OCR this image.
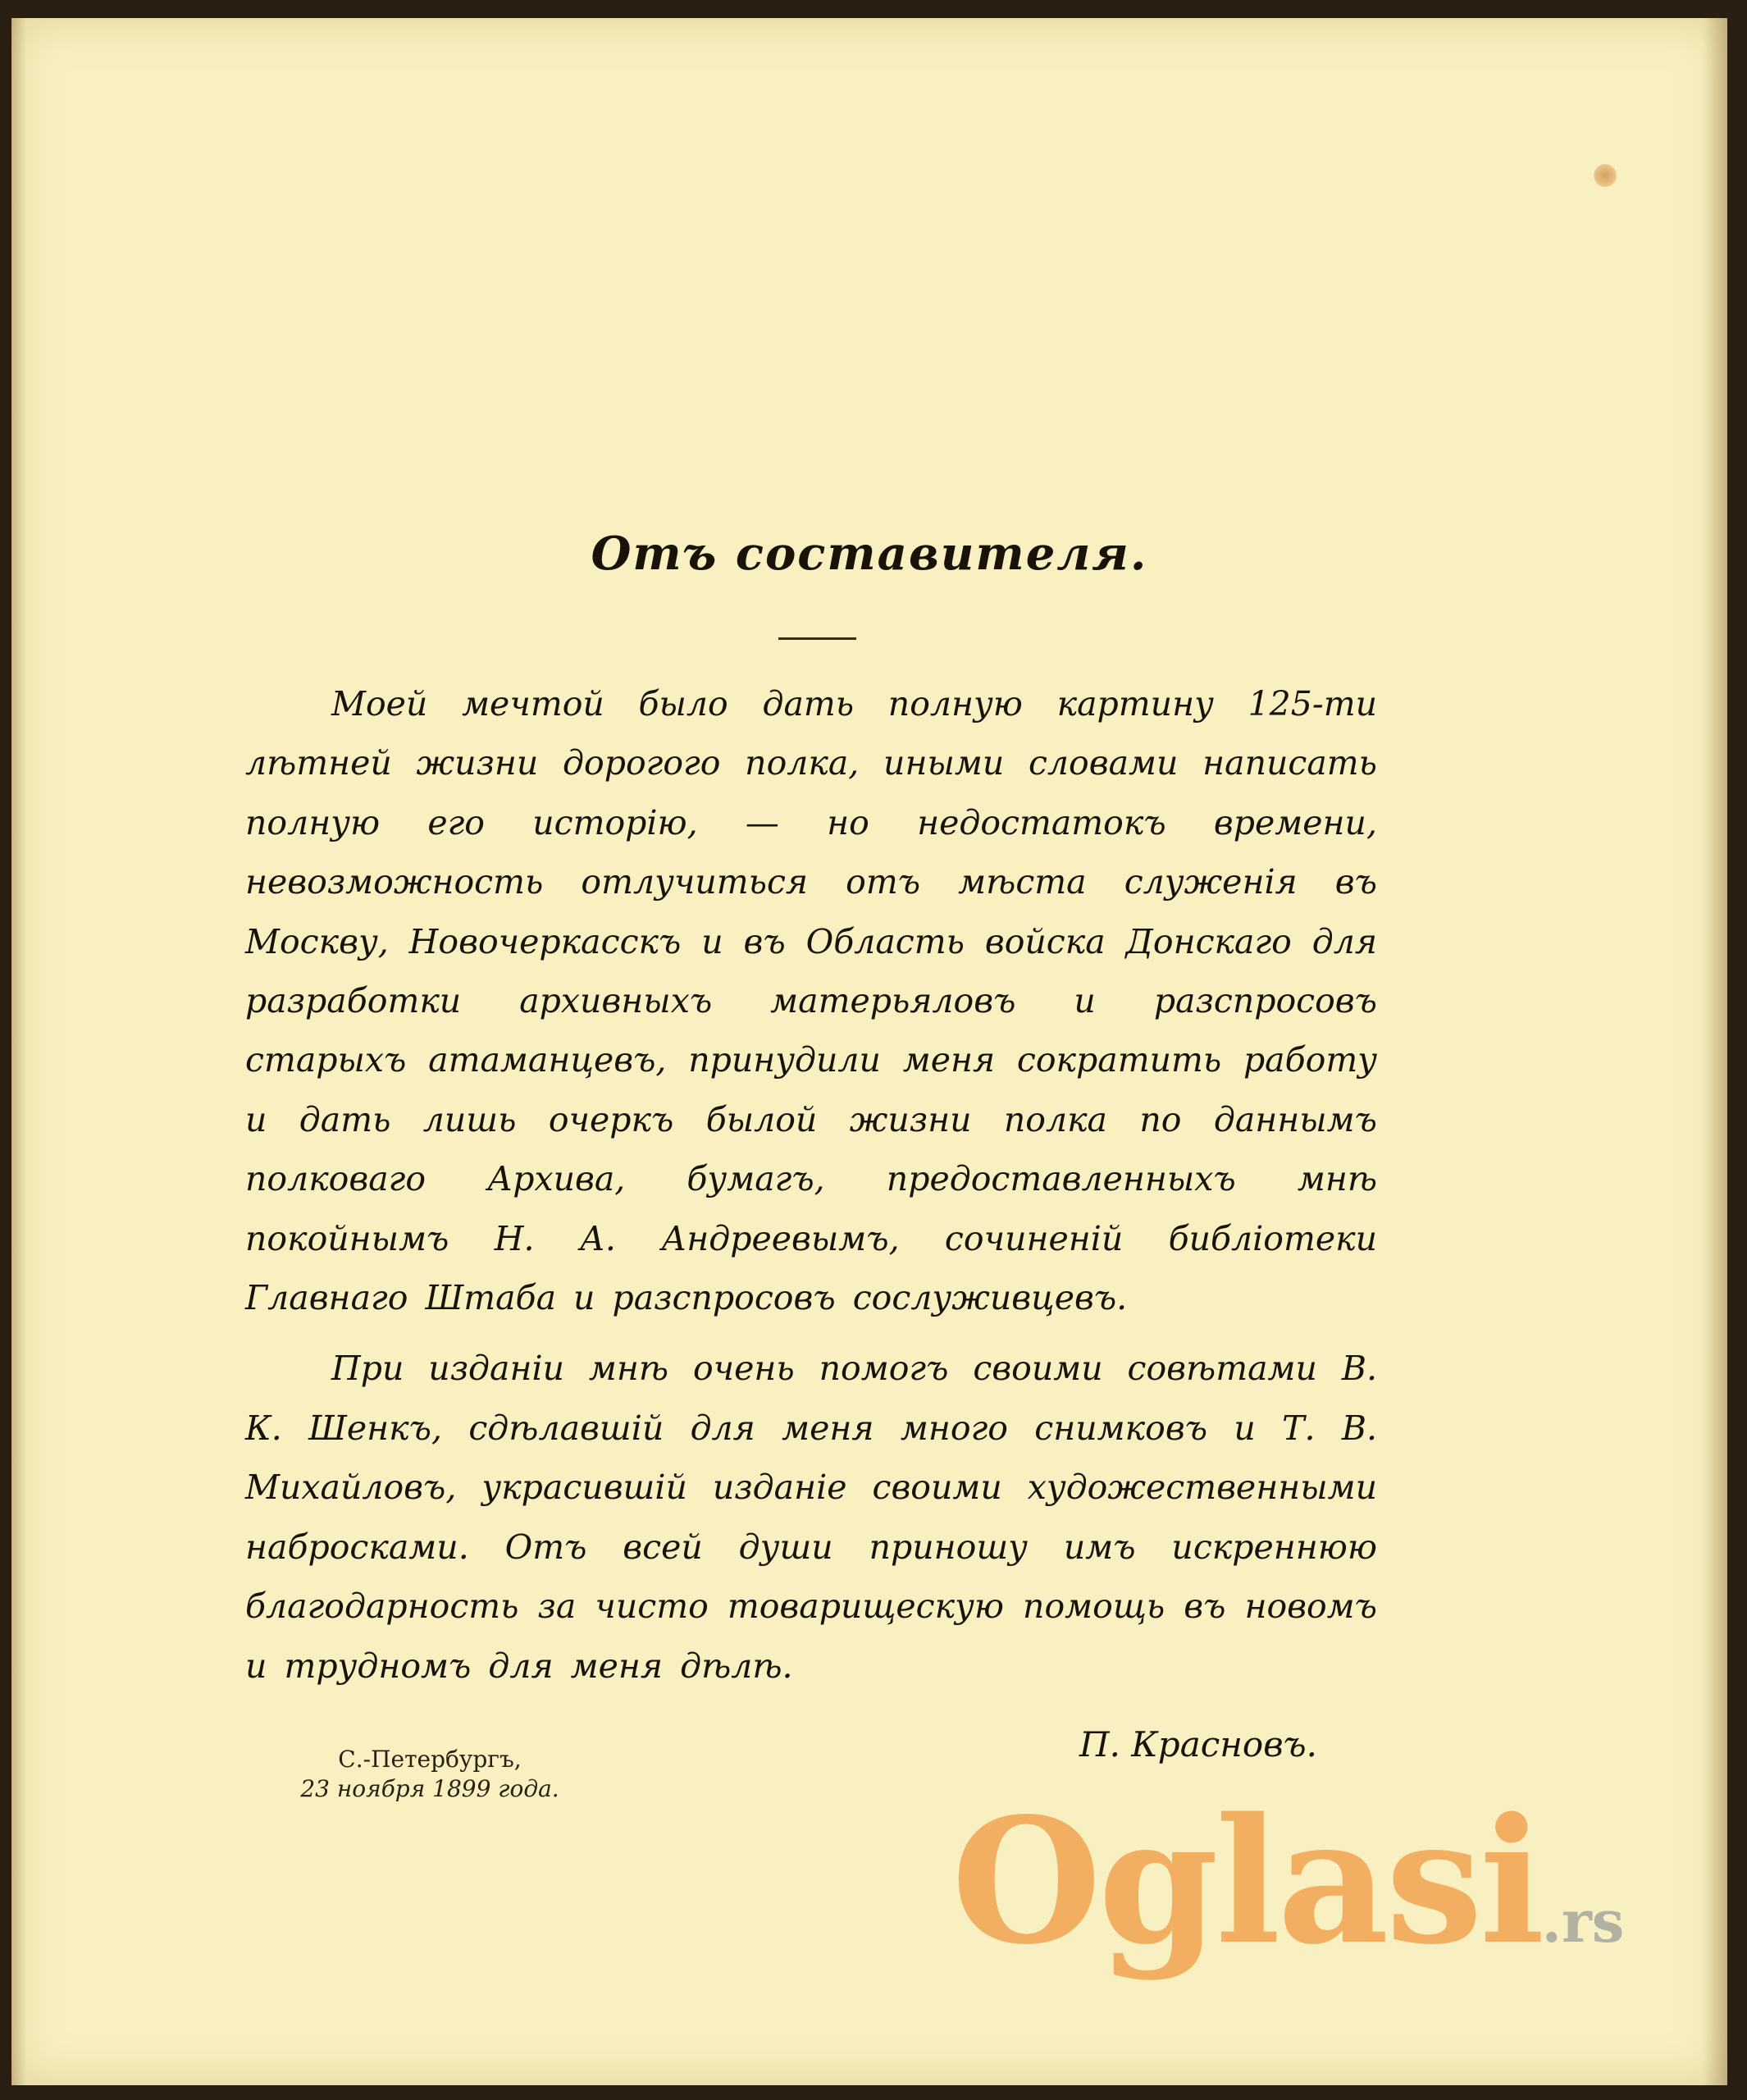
Отъ составителя.

Моей мечтой было дать полную картину 125-ти лѣтней жизни дорогого полка, иными словами написать полную его исторію, — но недостатокъ времени, невозможность отлучиться отъ мѣста служенія въ Москву, Новочеркасскъ и въ Область войска Донскаго для разработки архивныхъ матерьяловъ и разспросовъ старыхъ атаманцевъ, принудили меня сократить работу и дать лишь очеркъ былой жизни полка по даннымъ полковаго Архива, бумагъ, предоставленныхъ мнѣ покойнымъ Н. А. Андреевымъ, сочиненій библіотеки Главнаго Штаба и разспросовъ сослуживцевъ.

При изданіи мнѣ очень помогъ своими совѣтами В. К. Шенкъ, сдѣлавшій для меня много снимковъ и Т. В. Михайловъ, украсившій изданіе своими художественными набросками. Отъ всей души приношу имъ искреннюю благодарность за чисто товарищескую помощь въ новомъ и трудномъ для меня дѣлѣ.

П. Красновъ.
С.-Петербургъ,
23 ноября 1899 года. Oglasi.rs
